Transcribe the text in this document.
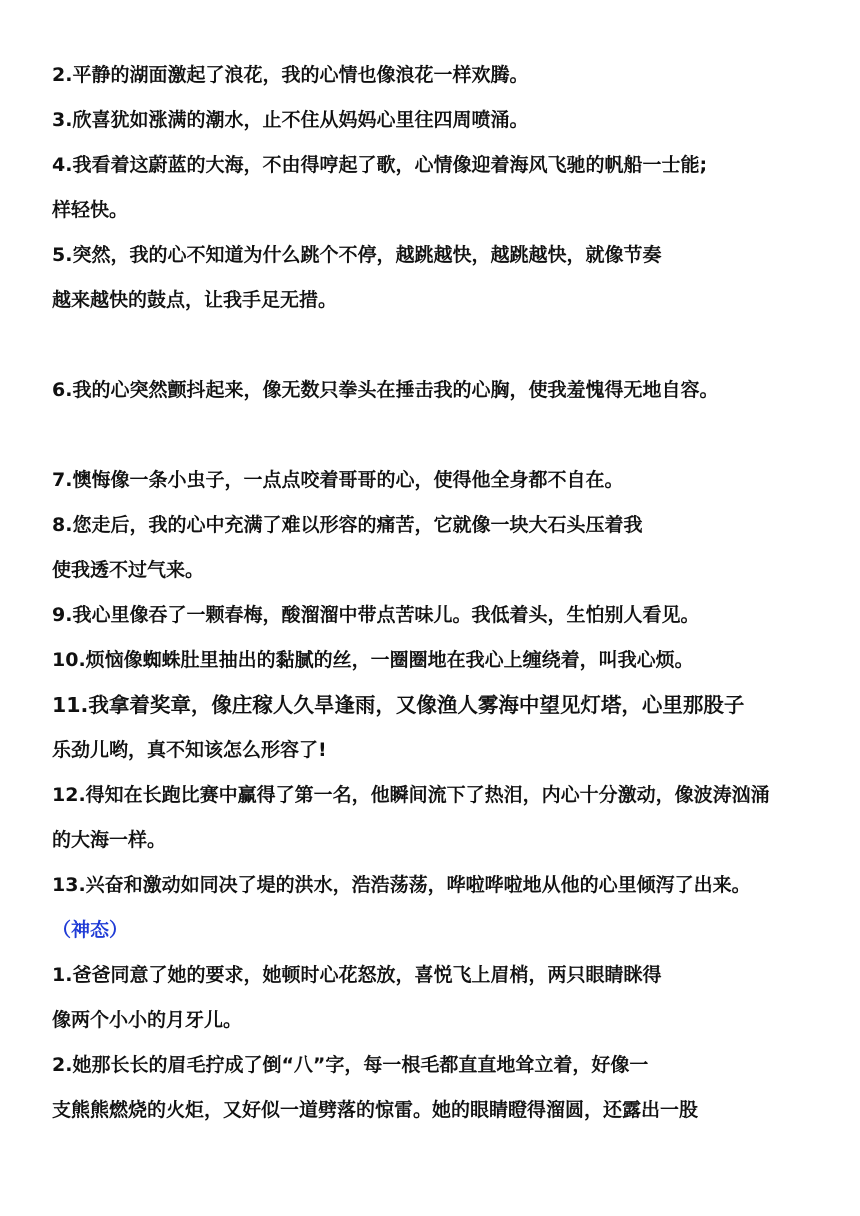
2.平静的湖面激起了浪花，我的心情也像浪花一样欢腾。
3.欣喜犹如涨满的潮水，止不住从妈妈心里往四周喷涌。
4.我看着这蔚蓝的大海，不由得哼起了歌，心情像迎着海风飞驰的帆船一士能;
样轻快。
5.突然，我的心不知道为什么跳个不停，越跳越快，越跳越快，就像节奏
越来越快的鼓点，让我手足无措。
6.我的心突然颤抖起来，像无数只拳头在捶击我的心胸，使我羞愧得无地自容。
7.懊悔像一条小虫子，一点点咬着哥哥的心，使得他全身都不自在。
8.您走后，我的心中充满了难以形容的痛苦，它就像一块大石头压着我
使我透不过气来。
9.我心里像吞了一颗春梅，酸溜溜中带点苦味儿。我低着头，生怕别人看见。
10.烦恼像蜘蛛肚里抽出的黏腻的丝，一圈圈地在我心上缠绕着，叫我心烦。
11.我拿着奖章，像庄稼人久旱逢雨，又像渔人雾海中望见灯塔，心里那股子
乐劲儿哟，真不知该怎么形容了!
12.得知在长跑比赛中赢得了第一名，他瞬间流下了热泪，内心十分激动，像波涛汹涌
的大海一样。
13.兴奋和激动如同决了堤的洪水，浩浩荡荡，哗啦哗啦地从他的心里倾泻了出来。
（神态）
1.爸爸同意了她的要求，她顿时心花怒放，喜悦飞上眉梢，两只眼睛眯得
像两个小小的月牙儿。
2.她那长长的眉毛拧成了倒“八”字，每一根毛都直直地耸立着，好像一
支熊熊燃烧的火炬，又好似一道劈落的惊雷。她的眼睛瞪得溜圆，还露出一股
